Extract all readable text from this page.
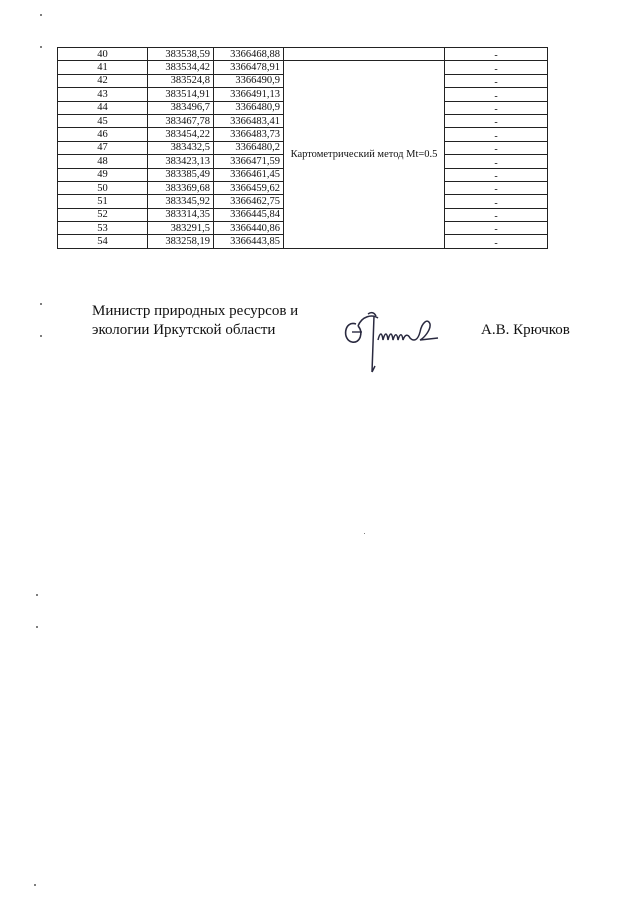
40	383538,59	3366468,88		-
41	383534,42	3366478,91	Картометрический метод Mt=0.5	-
42	383524,8	3366490,9		-
43	383514,91	3366491,13		-
44	383496,7	3366480,9		-
45	383467,78	3366483,41		-
46	383454,22	3366483,73		-
47	383432,5	3366480,2		-
48	383423,13	3366471,59		-
49	383385,49	3366461,45		-
50	383369,68	3366459,62		-
51	383345,92	3366462,75		-
52	383314,35	3366445,84		-
53	383291,5	3366440,86		-
54	383258,19	3366443,85		-
Министр природных ресурсов и
экологии Иркутской области	А.В. Крючков
